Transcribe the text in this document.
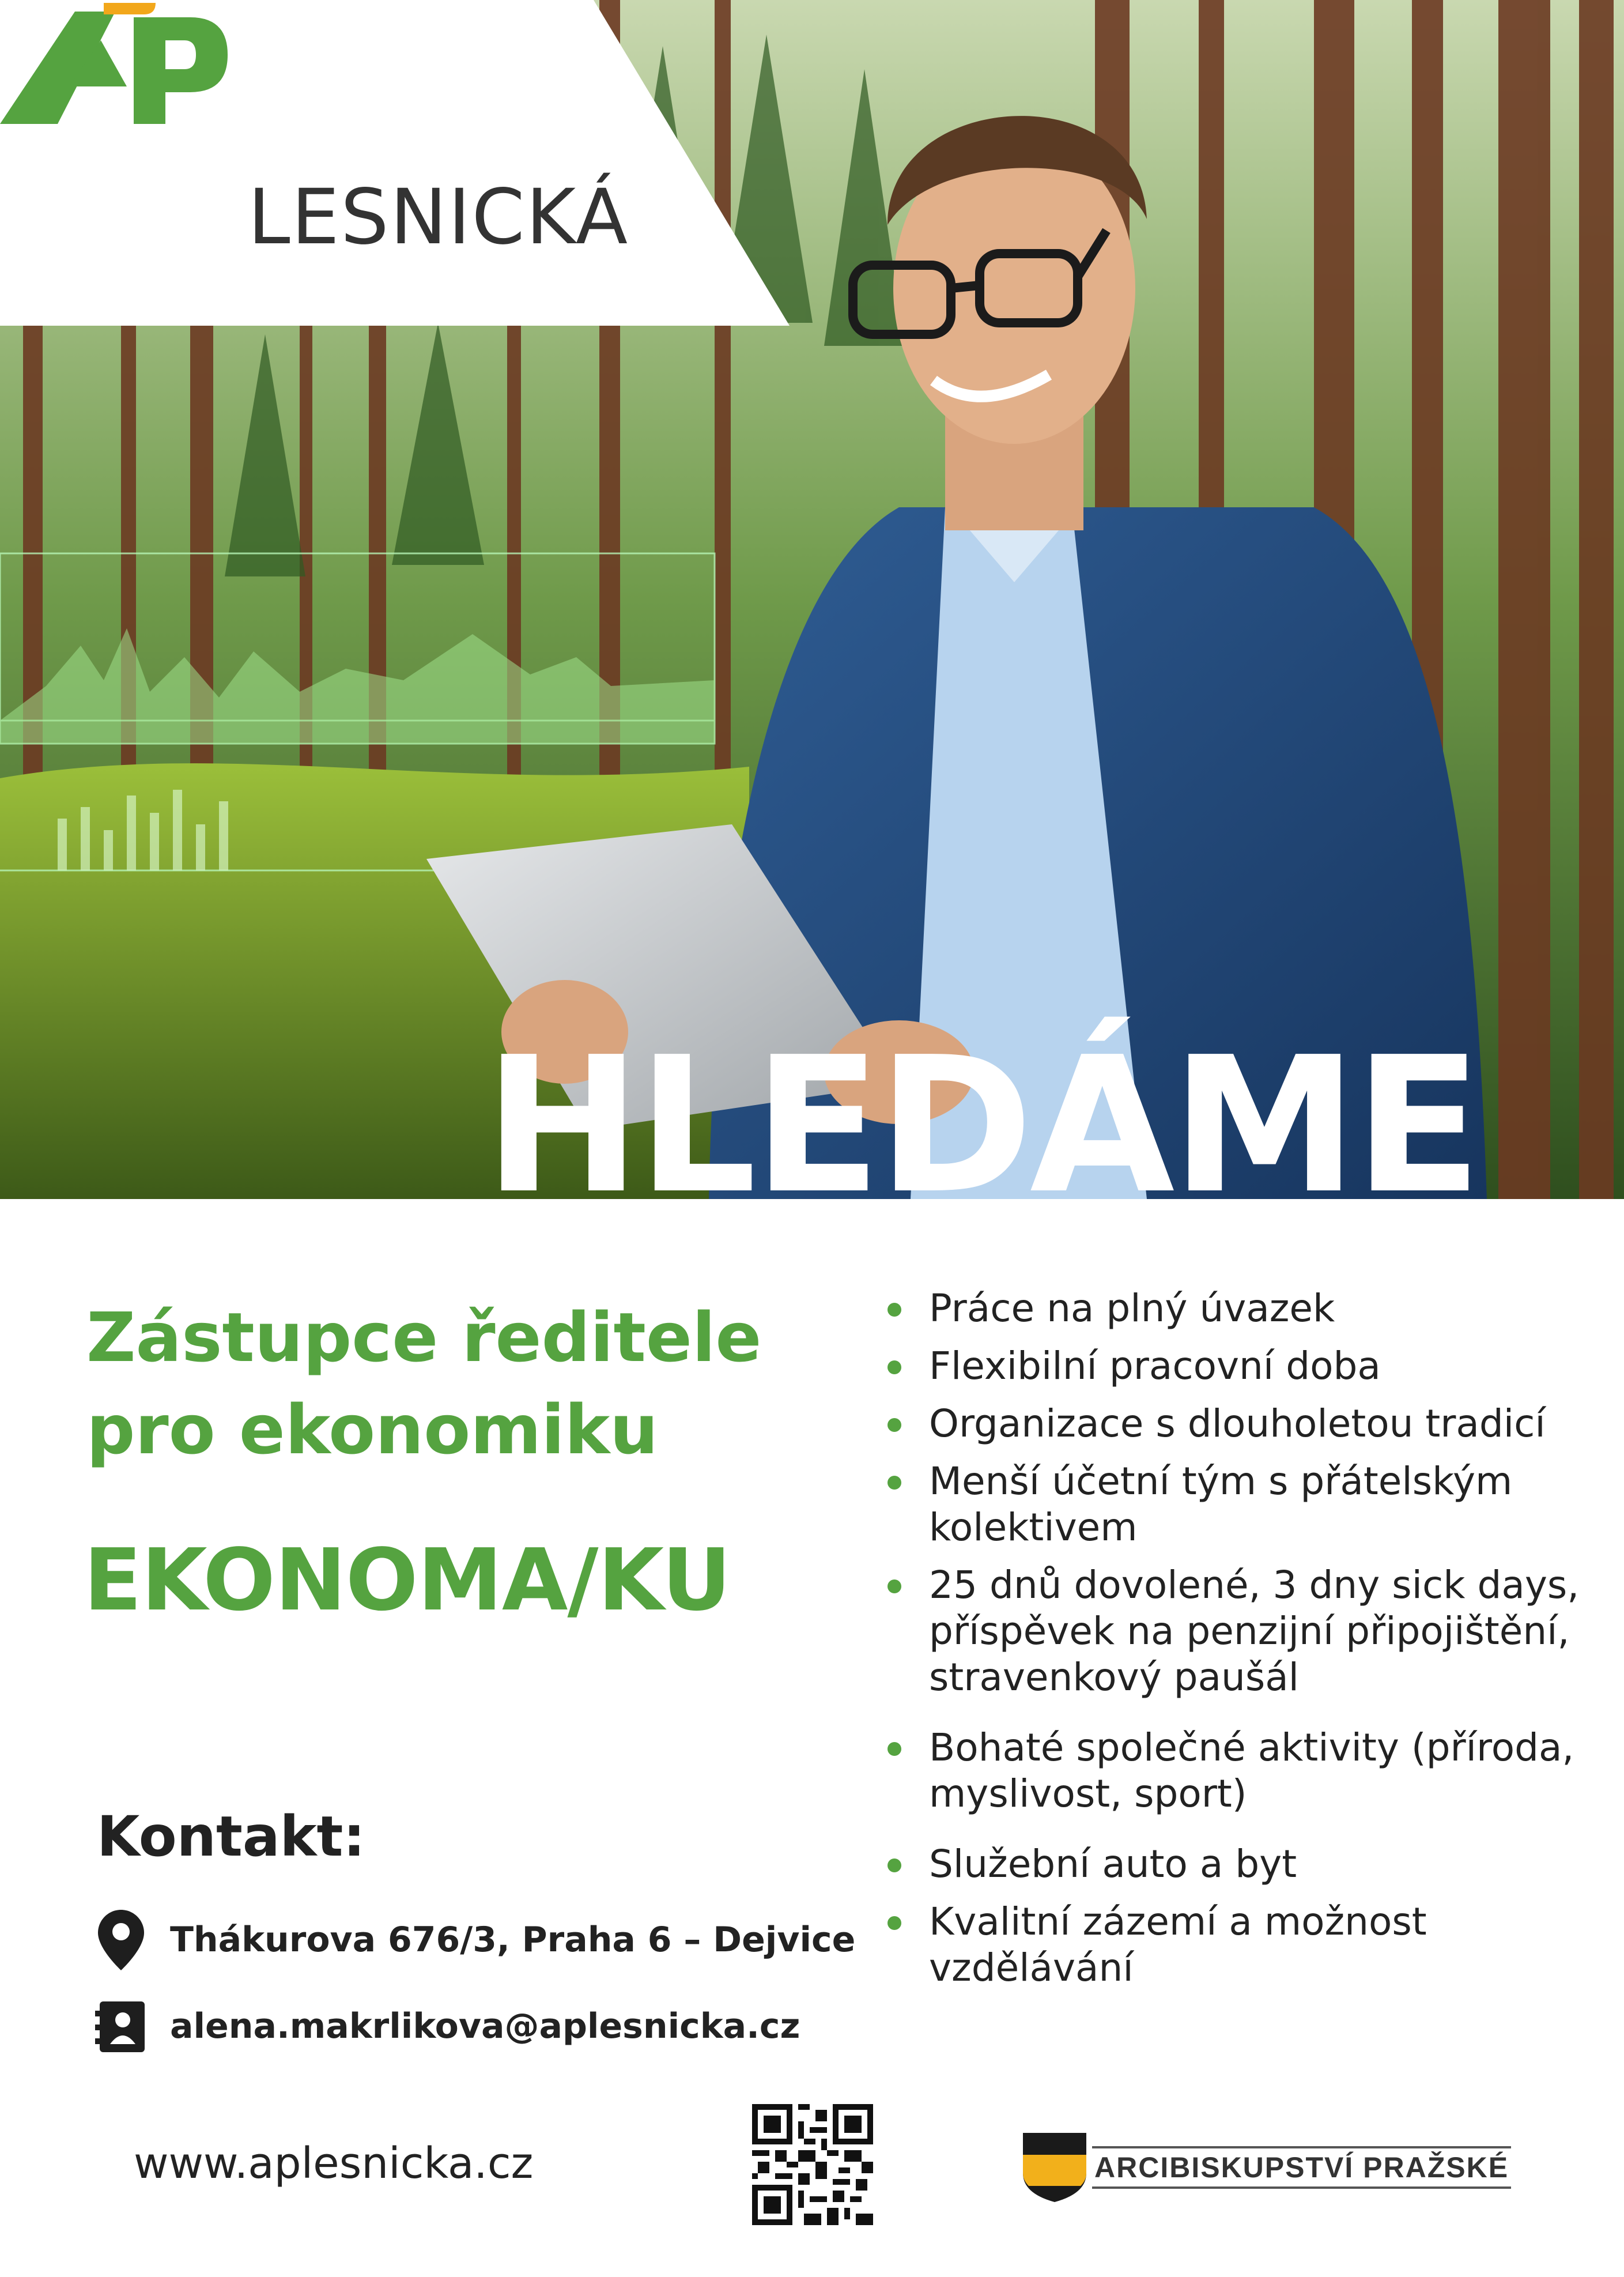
LESNICKÁ
HLEDÁME
Zástupce ředitele
pro ekonomiku
EKONOMA/KU
Kontakt:
Thákurova 676/3, Praha 6 – Dejvice
alena.makrlikova@aplesnicka.cz
Práce na plný úvazek
Flexibilní pracovní doba
Organizace s dlouholetou tradicí
Menší účetní tým s přátelským kolektivem
25 dnů dovolené, 3 dny sick days, příspěvek na penzijní připojištění, stravenkový paušál
Bohaté společné aktivity (příroda, myslivost, sport)
Služební auto a byt
Kvalitní zázemí a možnost vzdělávání
www.aplesnicka.cz	ARCIBISKUPSTVÍ PRAŽSKÉ
